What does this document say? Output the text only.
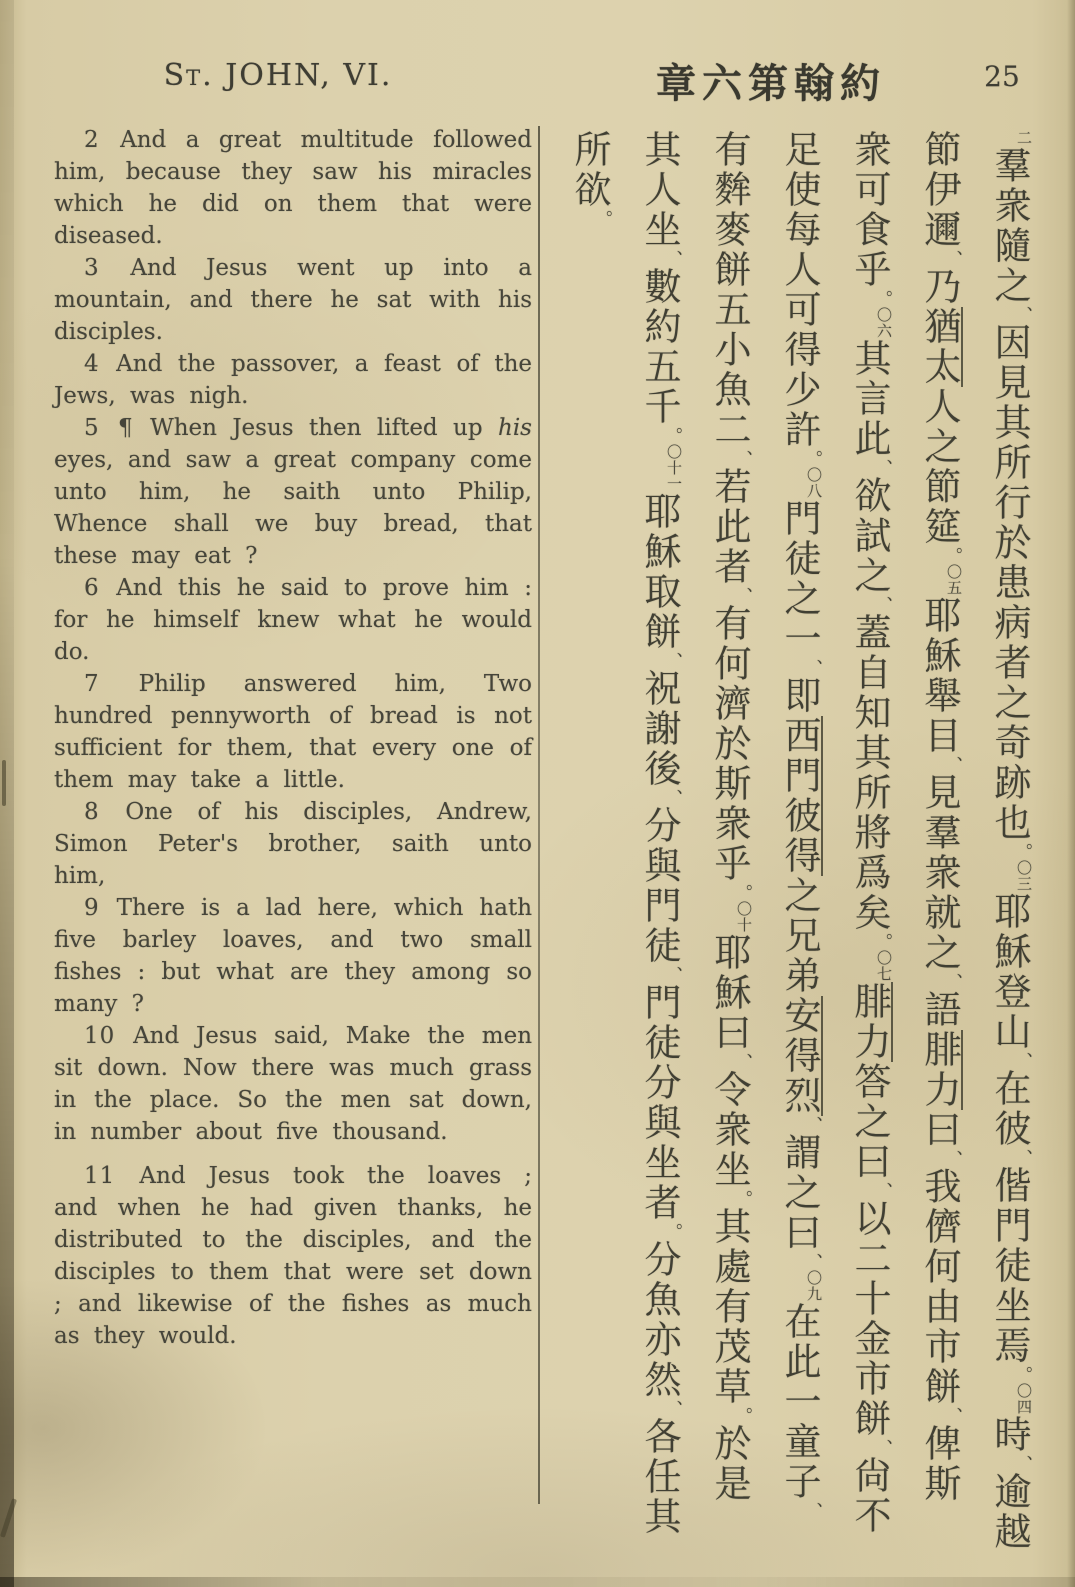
St. JOHN, VI.	章六第翰約	25

2 And a great multitude followed him, because they saw his miracles which he did on them that were diseased.

3 And Jesus went up into a mountain, and there he sat with his disciples.

4 And the passover, a feast of the Jews, was nigh.

5 ¶ When Jesus then lifted up his eyes, and saw a great company come unto him, he saith unto Philip, Whence shall we buy bread, that these may eat ?

6 And this he said to prove him : for he himself knew what he would do.

7 Philip answered him, Two hundred pennyworth of bread is not sufficient for them, that every one of them may take a little.

8 One of his disciples, Andrew, Simon Peter's brother, saith unto him,

9 There is a lad here, which hath five barley loaves, and two small fishes : but what are they among so many ?

10 And Jesus said, Make the men sit down. Now there was much grass in the place. So the men sat down, in number about five thousand.

11 And Jesus took the loaves ; and when he had given thanks, he distributed to the disciples, and the disciples to them that were set down ; and likewise of the fishes as much as they would.

二羣衆隨之、因見其所行於患病者之奇跡也。〇三耶穌登山、在彼、偕門徒坐焉。〇四時、逾越
節伊邇、乃猶太人之節筵。〇五耶穌舉目、見羣衆就之、語腓力曰、我儕何由市餅、俾斯
衆可食乎。〇六其言此、欲試之、蓋自知其所將爲矣。〇七腓力答之曰、以二十金市餅、尙不
足使每人可得少許。〇八門徒之一、即西門彼得之兄弟安得烈、謂之曰、〇九在此一童子、
有麰麥餅五小魚二、若此者、有何濟於斯衆乎。〇十耶穌曰、令衆坐。其處有茂草。於是
其人坐、數約五千。〇十一耶穌取餅、祝謝後、分與門徒、門徒分與坐者。分魚亦然、各任其
所欲。
